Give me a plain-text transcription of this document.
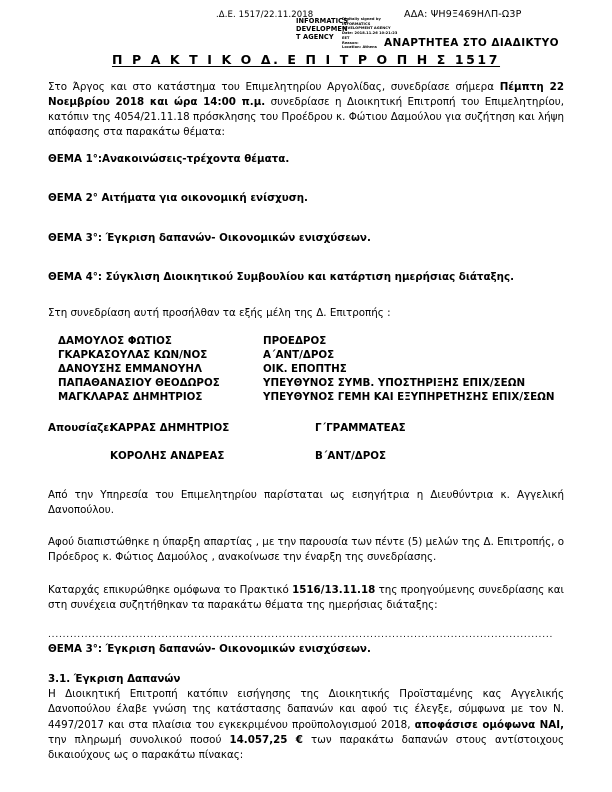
.Δ.Ε. 1517/22.11.2018	ΑΔΑ: ΨΗ9Ξ469ΗΛΠ-Ω3Ρ
INFORMATICS
DEVELOPMEN
T AGENCY
Digitally signed by
INFORMATICS
DEVELOPMENT AGENCY
Date: 2018.11.26 10:21:23
EET
Reason:
Location: Athens ΑΝΑΡΤΗΤΕΑ ΣΤΟ ΔΙΑΔΙΚΤΥΟ
Π Ρ Α Κ Τ Ι Κ Ο Δ. Ε Π Ι Τ Ρ Ο Π Η Σ 1517

Στο Άργος και στο κατάστημα του Επιμελητηρίου Αργολίδας, συνεδρίασε σήμερα Πέμπτη 22 Νοεμβρίου 2018 και ώρα 14:00 π.μ. συνεδρίασε η Διοικητική Επιτροπή του Επιμελητηρίου, κατόπιν της 4054/21.11.18 πρόσκλησης του Προέδρου κ. Φώτιου Δαμούλου για συζήτηση και λήψη απόφασης στα παρακάτω θέματα:

ΘΕΜΑ 1°:Ανακοινώσεις-τρέχοντα θέματα.

ΘΕΜΑ 2° Αιτήματα για οικονομική ενίσχυση.

ΘΕΜΑ 3°: Έγκριση δαπανών- Οικονομικών ενισχύσεων.

ΘΕΜΑ 4°: Σύγκλιση Διοικητικού Συμβουλίου και κατάρτιση ημερήσιας διάταξης.

Στη συνεδρίαση αυτή προσήλθαν τα εξής μέλη της Δ. Επιτροπής :

ΔΑΜΟΥΛΟΣ ΦΩΤΙΟΣ	ΠΡΟΕΔΡΟΣ
ΓΚΑΡΚΑΣΟΥΛΑΣ ΚΩΝ/ΝΟΣ	Α΄ΑΝΤ/ΔΡΟΣ
ΔΑΝΟΥΣΗΣ ΕΜΜΑΝΟΥΗΛ	ΟΙΚ. ΕΠΟΠΤΗΣ
ΠΑΠΑΘΑΝΑΣΙΟΥ ΘΕΟΔΩΡΟΣ	ΥΠΕΥΘΥΝΟΣ ΣΥΜΒ. ΥΠΟΣΤΗΡΙΞΗΣ ΕΠΙΧ/ΣΕΩΝ
ΜΑΓΚΛΑΡΑΣ ΔΗΜΗΤΡΙΟΣ	ΥΠΕΥΘΥΝΟΣ ΓΕΜΗ ΚΑΙ ΕΞΥΠΗΡΕΤΗΣΗΣ ΕΠΙΧ/ΣΕΩΝ
Απουσίαζε:
ΚΑΡΡΑΣ ΔΗΜΗΤΡΙΟΣ	Γ΄ΓΡΑΜΜΑΤΕΑΣ
ΚΟΡΟΛΗΣ ΑΝΔΡΕΑΣ	Β΄ΑΝΤ/ΔΡΟΣ

Από την Υπηρεσία του Επιμελητηρίου παρίσταται ως εισηγήτρια η Διευθύντρια κ. Αγγελική Δανοπούλου.

Αφού διαπιστώθηκε η ύπαρξη απαρτίας , με την παρουσία των πέντε (5) μελών της Δ. Επιτροπής, ο Πρόεδρος κ. Φώτιος Δαμούλος , ανακοίνωσε την έναρξη της συνεδρίασης.

Καταρχάς επικυρώθηκε ομόφωνα το Πρακτικό 1516/13.11.18 της προηγούμενης συνεδρίασης και στη συνέχεια συζητήθηκαν τα παρακάτω θέματα της ημερήσιας διάταξης:

..........................................................................................................................................

ΘΕΜΑ 3°: Έγκριση δαπανών- Οικονομικών ενισχύσεων.

3.1. Έγκριση Δαπανών

Η Διοικητική Επιτροπή κατόπιν εισήγησης της Διοικητικής Προϊσταμένης κας Αγγελικής Δανοπούλου έλαβε γνώση της κατάστασης δαπανών και αφού τις έλεγξε, σύμφωνα με τον Ν. 4497/2017 και στα πλαίσια του εγκεκριμένου προϋπολογισμού 2018, αποφάσισε ομόφωνα ΝΑΙ, την πληρωμή συνολικού ποσού 14.057,25 € των παρακάτω δαπανών στους αντίστοιχους δικαιούχους ως ο παρακάτω πίνακας:
